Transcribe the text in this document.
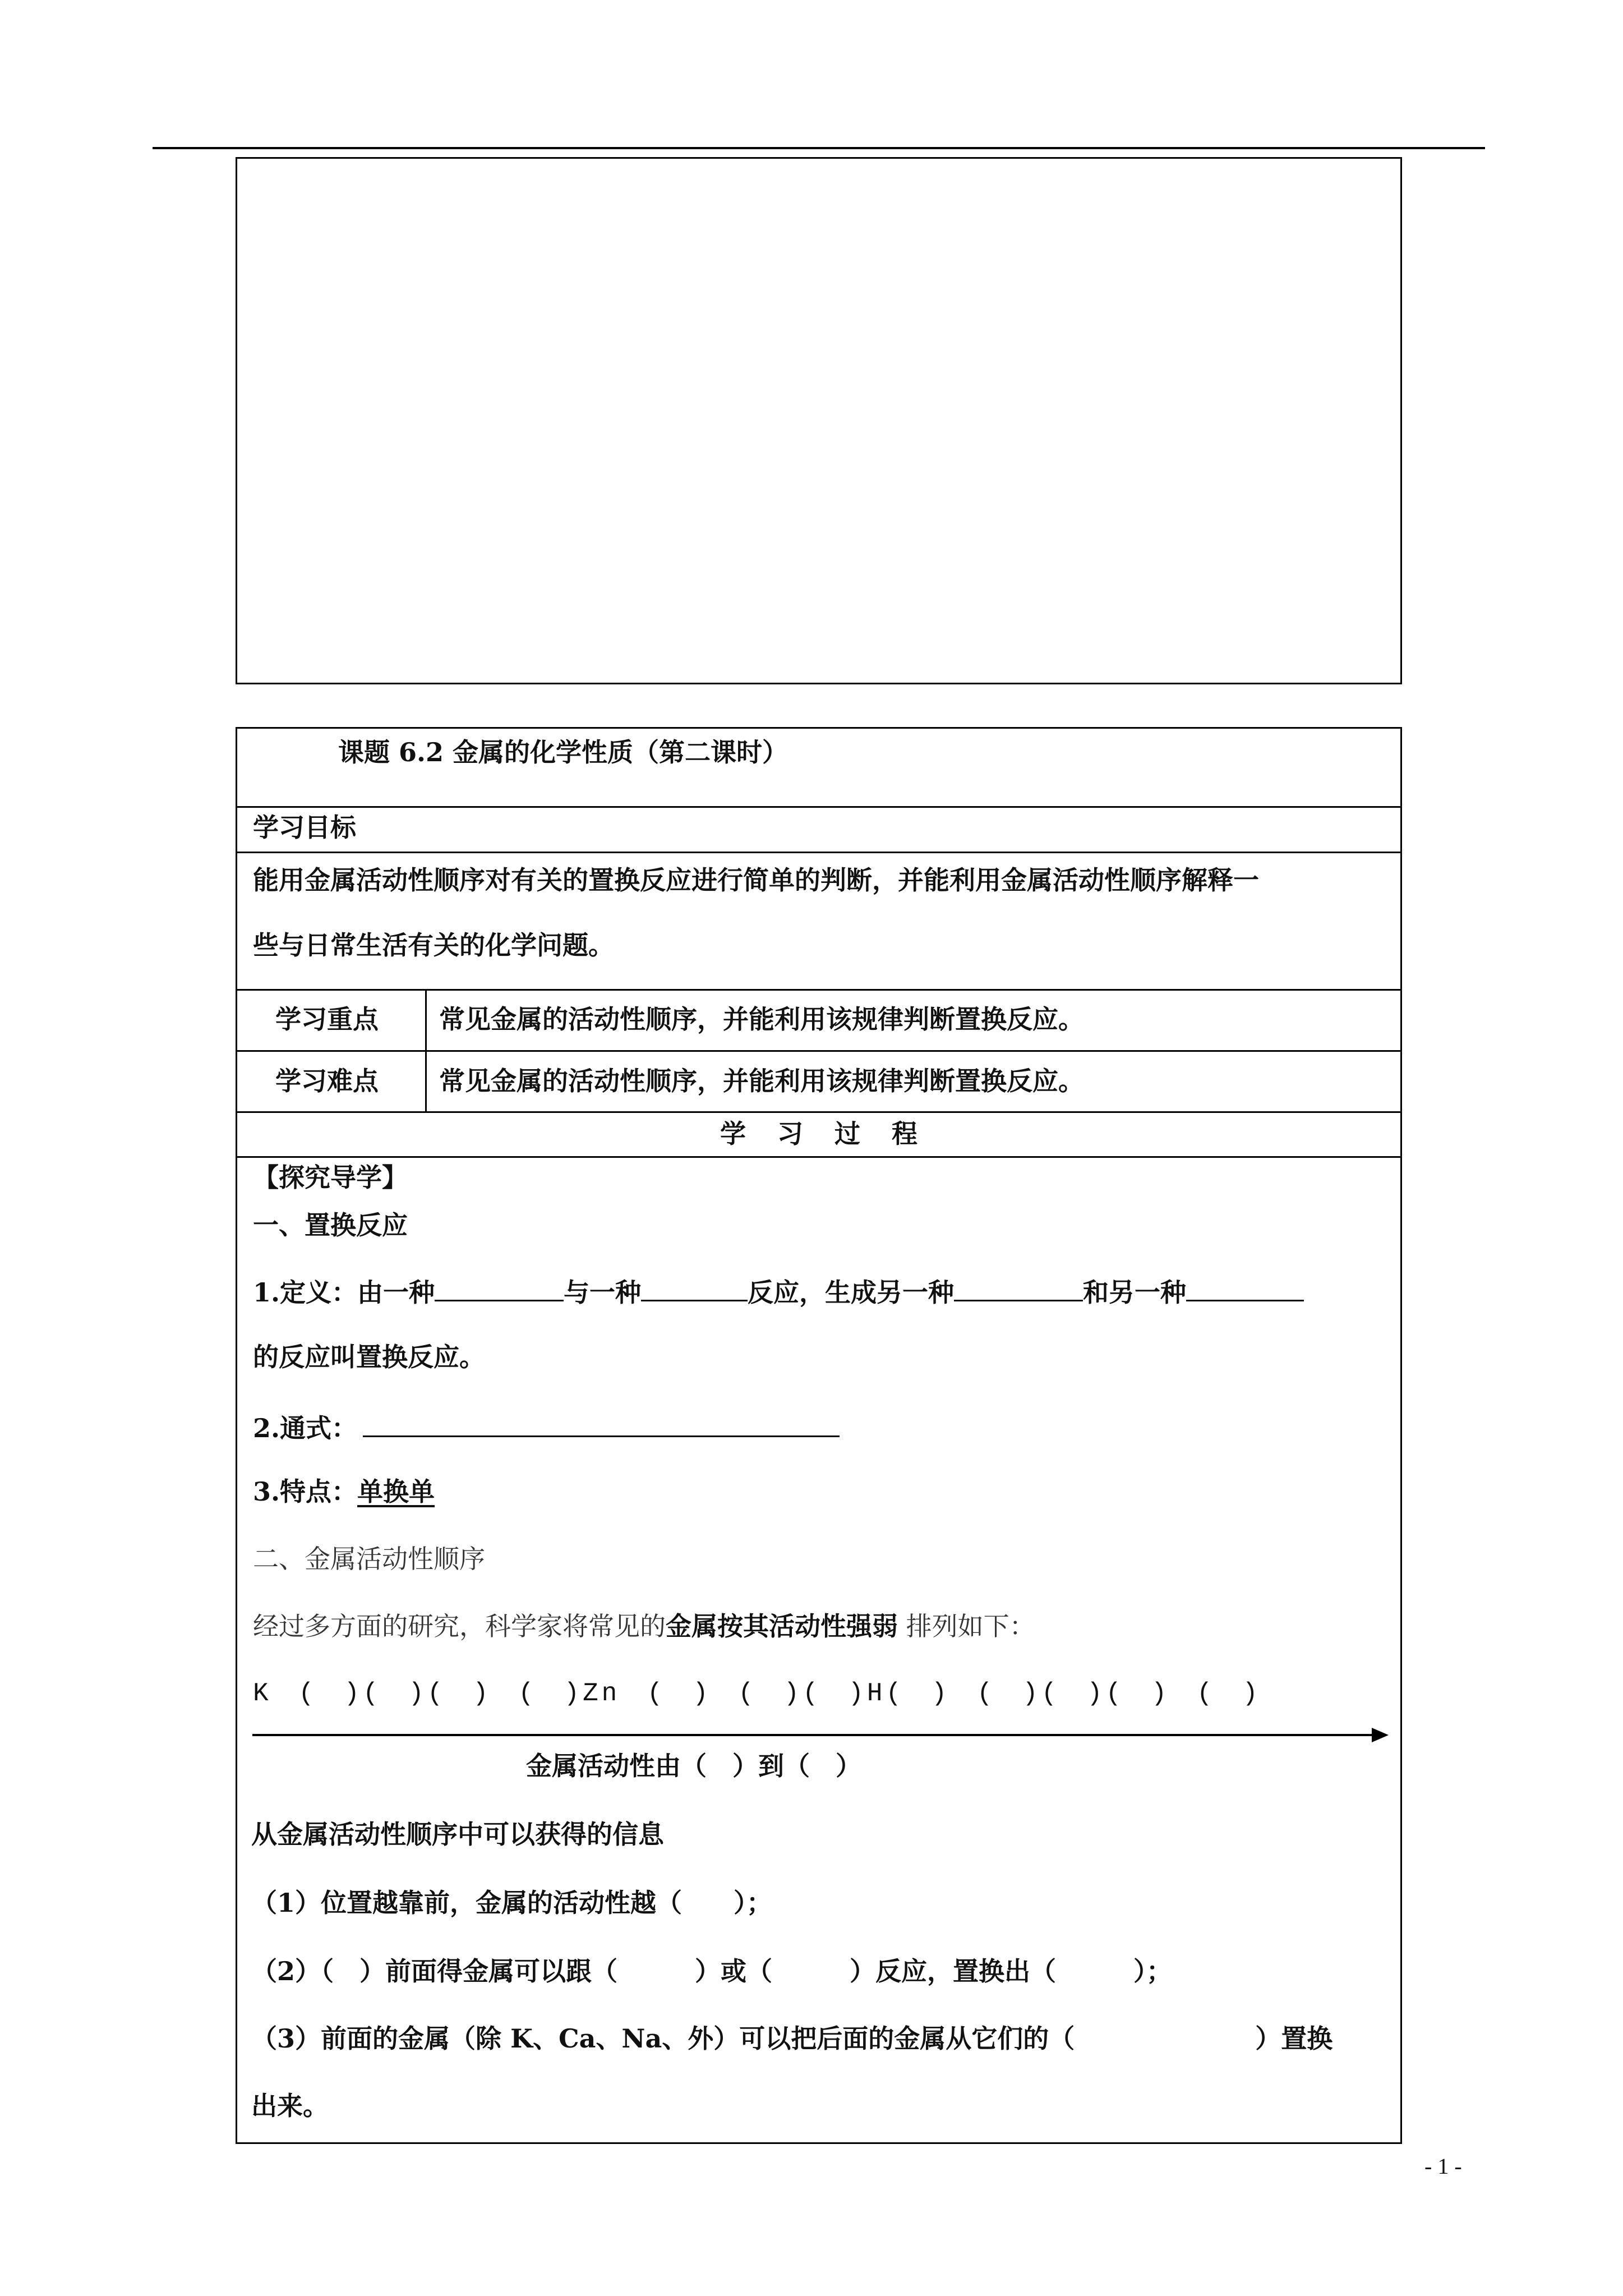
课题 6.2 金属的化学性质（第二课时）
学习目标
能用金属活动性顺序对有关的置换反应进行简单的判断，并能利用金属活动性顺序解释一
些与日常生活有关的化学问题。
学习重点 常见金属的活动性顺序，并能利用该规律判断置换反应。
学习难点 常见金属的活动性顺序，并能利用该规律判断置换反应。
学 习 过 程
【探究导学】
一、置换反应
1.定义：由一种	与一种	反应，生成另一种	和另一种
的反应叫置换反应。
2.通式：
3.特点：单换单
二、金属活动性顺序
经过多方面的研究，科学家将常见的金属按其活动性强弱 排列如下：
K ( )( )( ) ( )Zn ( ) ( )( )H( ) ( )( )( ) ( )
金属活动性由（　）到（　）
从金属活动性顺序中可以获得的信息
（1）位置越靠前，金属的活动性越（　　）；
（2）（　）前面得金属可以跟（　　　）或（　　　）反应，置换出（　　　）；
（3）前面的金属（除 K、Ca、Na、外）可以把后面的金属从它们的（　　　　　　　）置换
出来。
- 1 -
